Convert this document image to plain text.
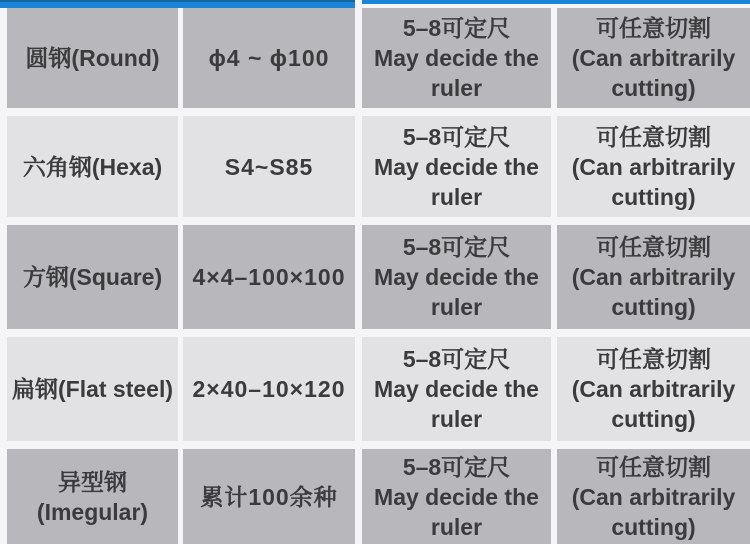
圆钢(Round) ϕ4 ~ ϕ100
5–8可定尺
May decide the ruler
可任意切割
(Can arbitrarily cutting)
六角钢(Hexa)	S4~S85
5–8可定尺
May decide the ruler
可任意切割
(Can arbitrarily cutting)
方钢(Square) 4×4–100×100
5–8可定尺
May decide the ruler
可任意切割
(Can arbitrarily cutting)
扁钢(Flat steel) 2×40–10×120
5–8可定尺
May decide the ruler
可任意切割
(Can arbitrarily cutting)
异型钢
(Imegular)
累计100余种
5–8可定尺
May decide the ruler
可任意切割
(Can arbitrarily cutting)
